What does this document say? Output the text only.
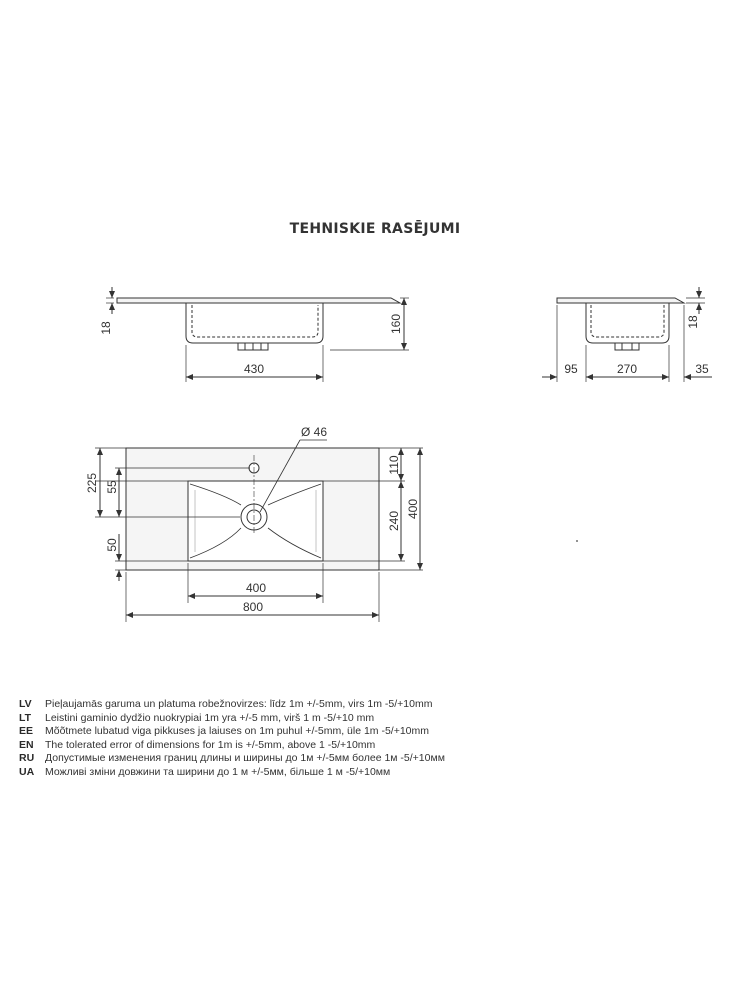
TEHNISKIE RASĒJUMI
18	160
430	95	270	35
18
Ø 46
225 55
50
110
240
400
400
800
LV	Pieļaujamās garuma un platuma robežnovirzes: līdz 1m +/-5mm, virs 1m -5/+10mm
LT	Leistini gaminio dydžio nuokrypiai 1m yra +/-5 mm, virš 1 m -5/+10 mm
EE	Mõõtmete lubatud viga pikkuses ja laiuses on 1m puhul +/-5mm, üle 1m -5/+10mm
EN	The tolerated error of dimensions for 1m is +/-5mm, above 1 -5/+10mm
RU	Допустимые изменения границ длины и ширины до 1м +/-5мм более 1м -5/+10мм
UA	Можливі зміни довжини та ширини до 1 м +/-5мм, більше 1 м -5/+10мм
